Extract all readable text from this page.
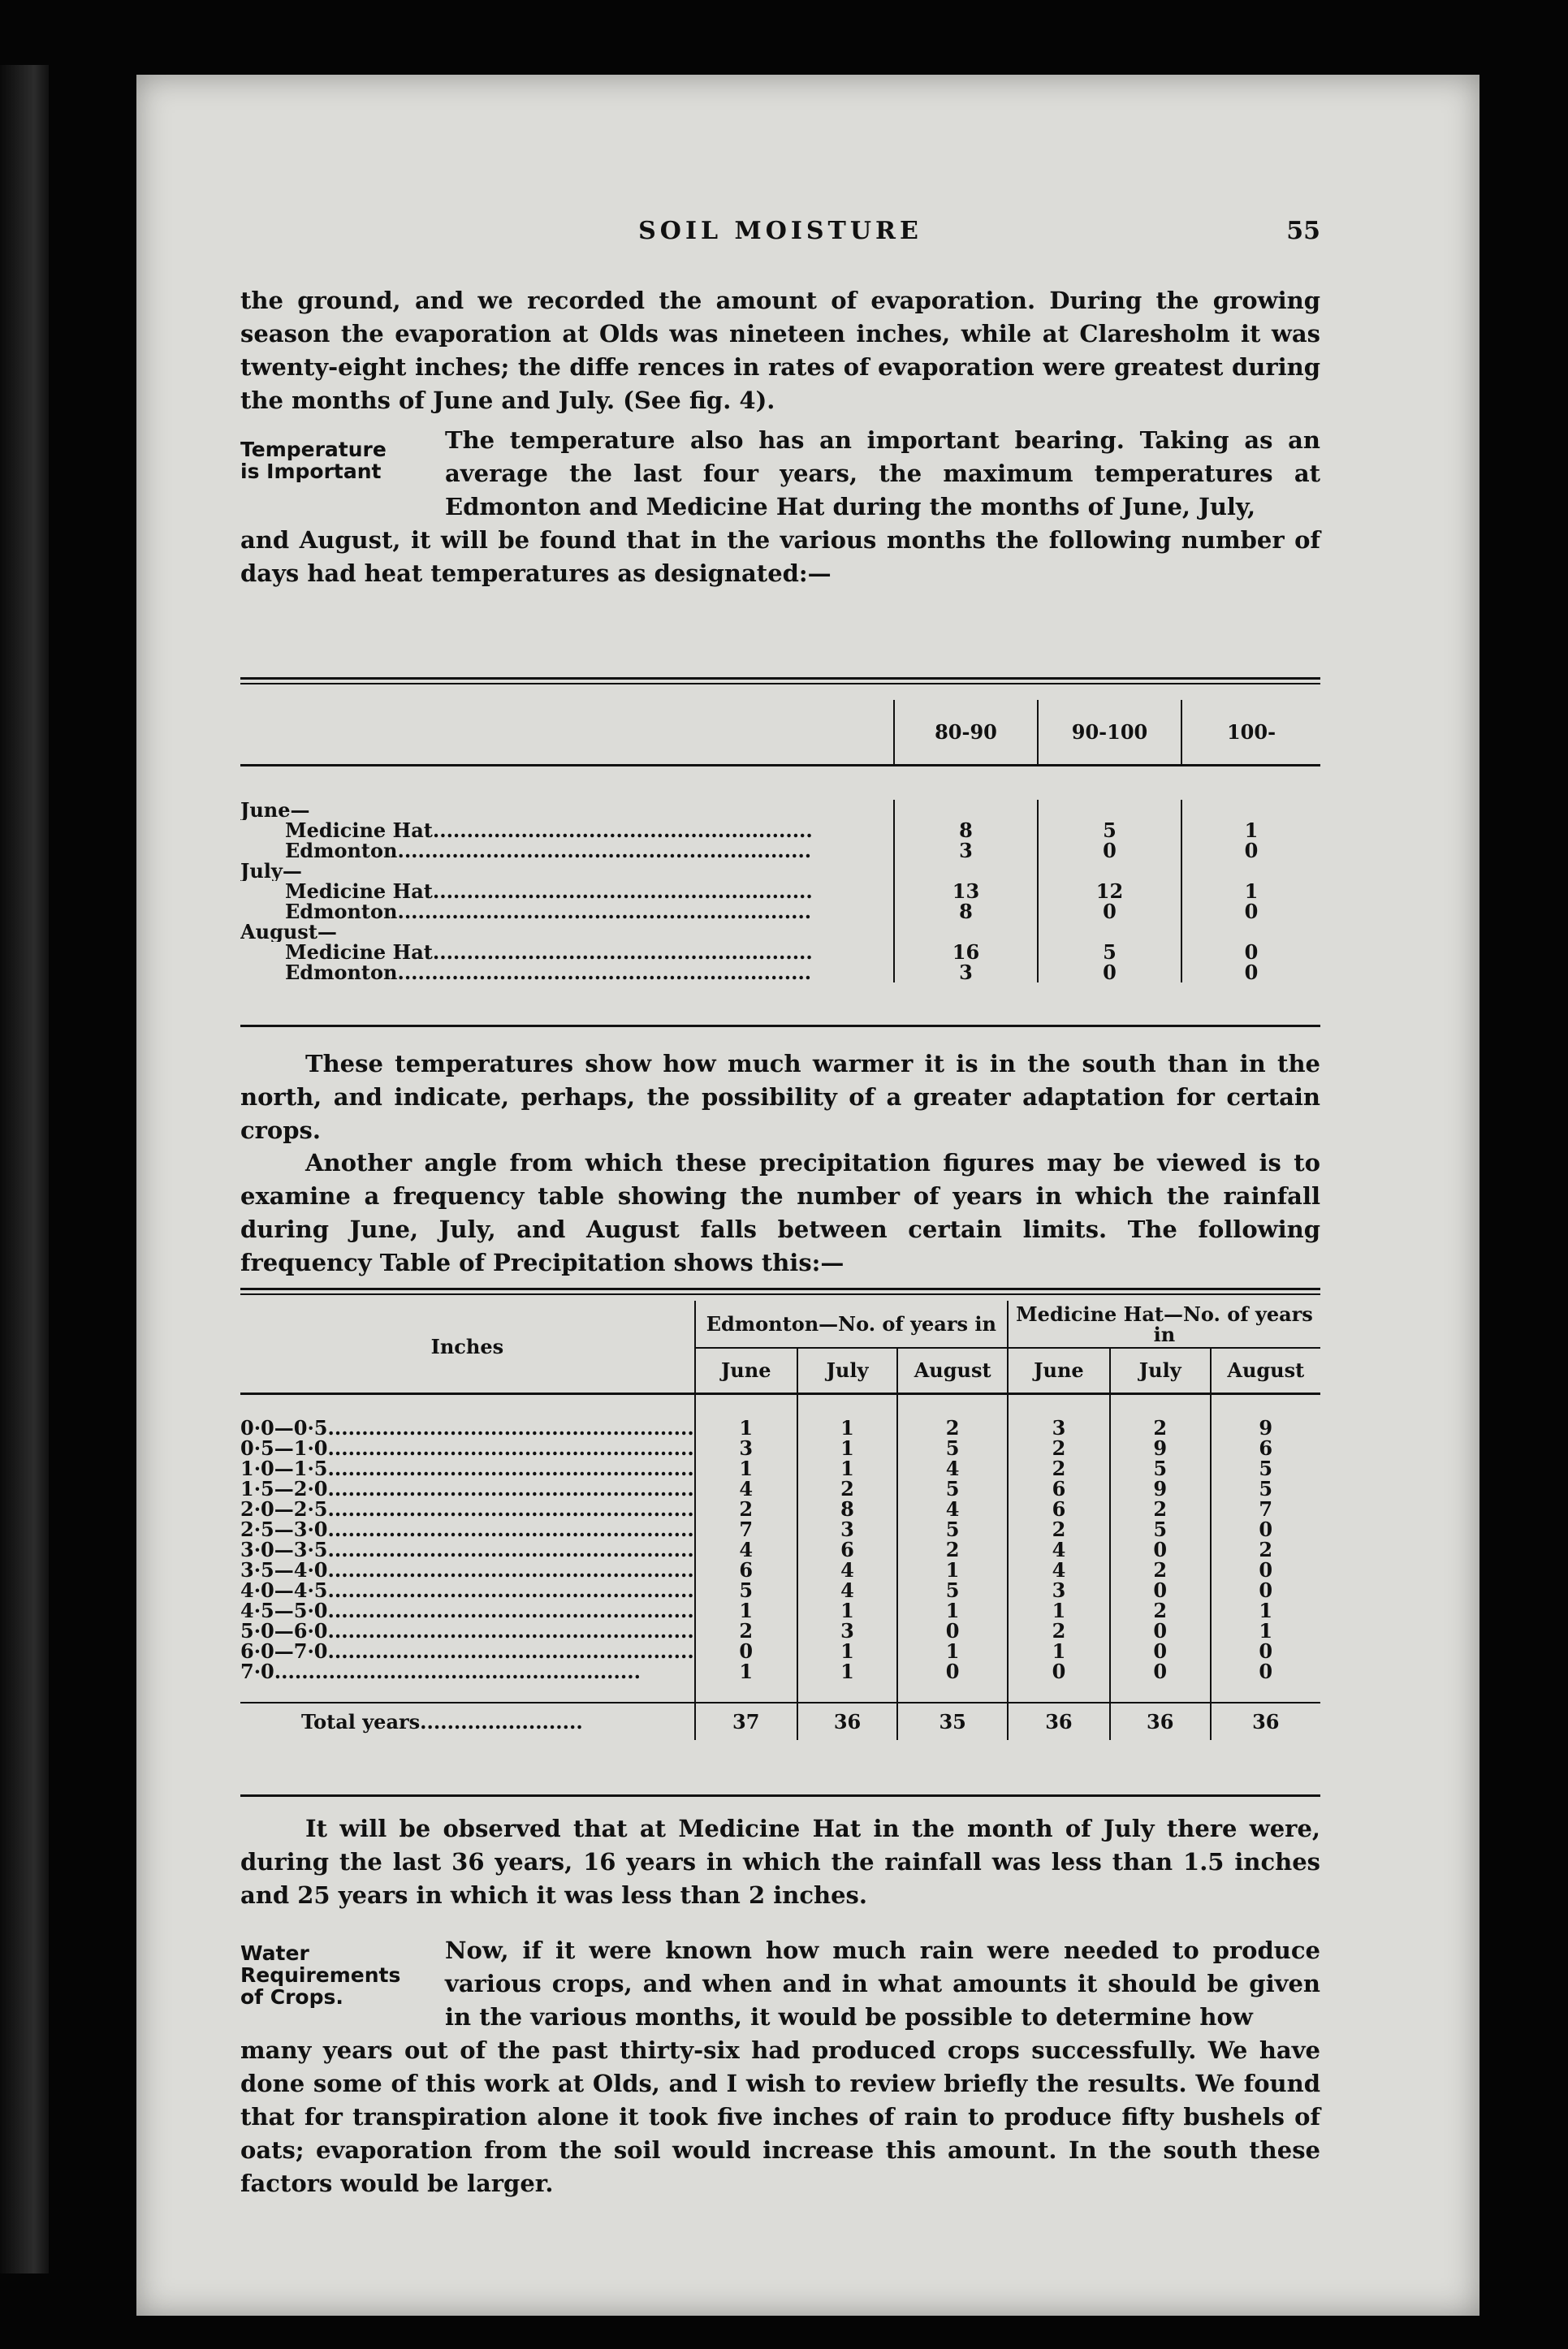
SOIL MOISTURE	55

the ground, and we recorded the amount of evaporation. During the growing season the evaporation at Olds was nineteen inches, while at Claresholm it was twenty-eight inches; the diffe rences in rates of evaporation were greatest during the months of June and July. (See fig. 4).

Temperature
is Important

The temperature also has an important bearing. Taking as an average the last four years, the maximum temperatures at Edmonton and Medicine Hat during the months of June, July,

and August, it will be found that in the various months the following number of days had heat temperatures as designated:—

	80-90	90-100	100-

June—			
Medicine Hat........................................................	8	5	1
Edmonton.............................................................	3	0	0
July—			
Medicine Hat........................................................	13	12	1
Edmonton.............................................................	8	0	0
August—			
Medicine Hat........................................................	16	5	0
Edmonton.............................................................	3	0	0

These temperatures show how much warmer it is in the south than in the north, and indicate, perhaps, the possibility of a greater adaptation for certain crops.

Another angle from which these precipitation figures may be viewed is to examine a frequency table showing the number of years in which the rainfall during June, July, and August falls between certain limits. The following frequency Table of Precipitation shows this:—

Inches	Edmonton—No. of years in			Medicine Hat—No. of years in		
	June	July	August	June	July	August

0·0—0·5......................................................	1	1	2	3	2	9
0·5—1·0......................................................	3	1	5	2	9	6
1·0—1·5......................................................	1	1	4	2	5	5
1·5—2·0......................................................	4	2	5	6	9	5
2·0—2·5......................................................	2	8	4	6	2	7
2·5—3·0......................................................	7	3	5	2	5	0
3·0—3·5......................................................	4	6	2	4	0	2
3·5—4·0......................................................	6	4	1	4	2	0
4·0—4·5......................................................	5	4	5	3	0	0
4·5—5·0......................................................	1	1	1	1	2	1
5·0—6·0......................................................	2	3	0	2	0	1
6·0—7·0......................................................	0	1	1	1	0	0
7·0......................................................	1	1	0	0	0	0

Total years........................	37	36	35	36	36	36

It will be observed that at Medicine Hat in the month of July there were, during the last 36 years, 16 years in which the rainfall was less than 1.5 inches and 25 years in which it was less than 2 inches.

Water
Requirements
of Crops.

Now, if it were known how much rain were needed to produce various crops, and when and in what amounts it should be given in the various months, it would be possible to determine how

many years out of the past thirty-six had produced crops successfully. We have done some of this work at Olds, and I wish to review briefly the results. We found that for transpiration alone it took five inches of rain to produce fifty bushels of oats; evaporation from the soil would increase this amount. In the south these factors would be larger.
